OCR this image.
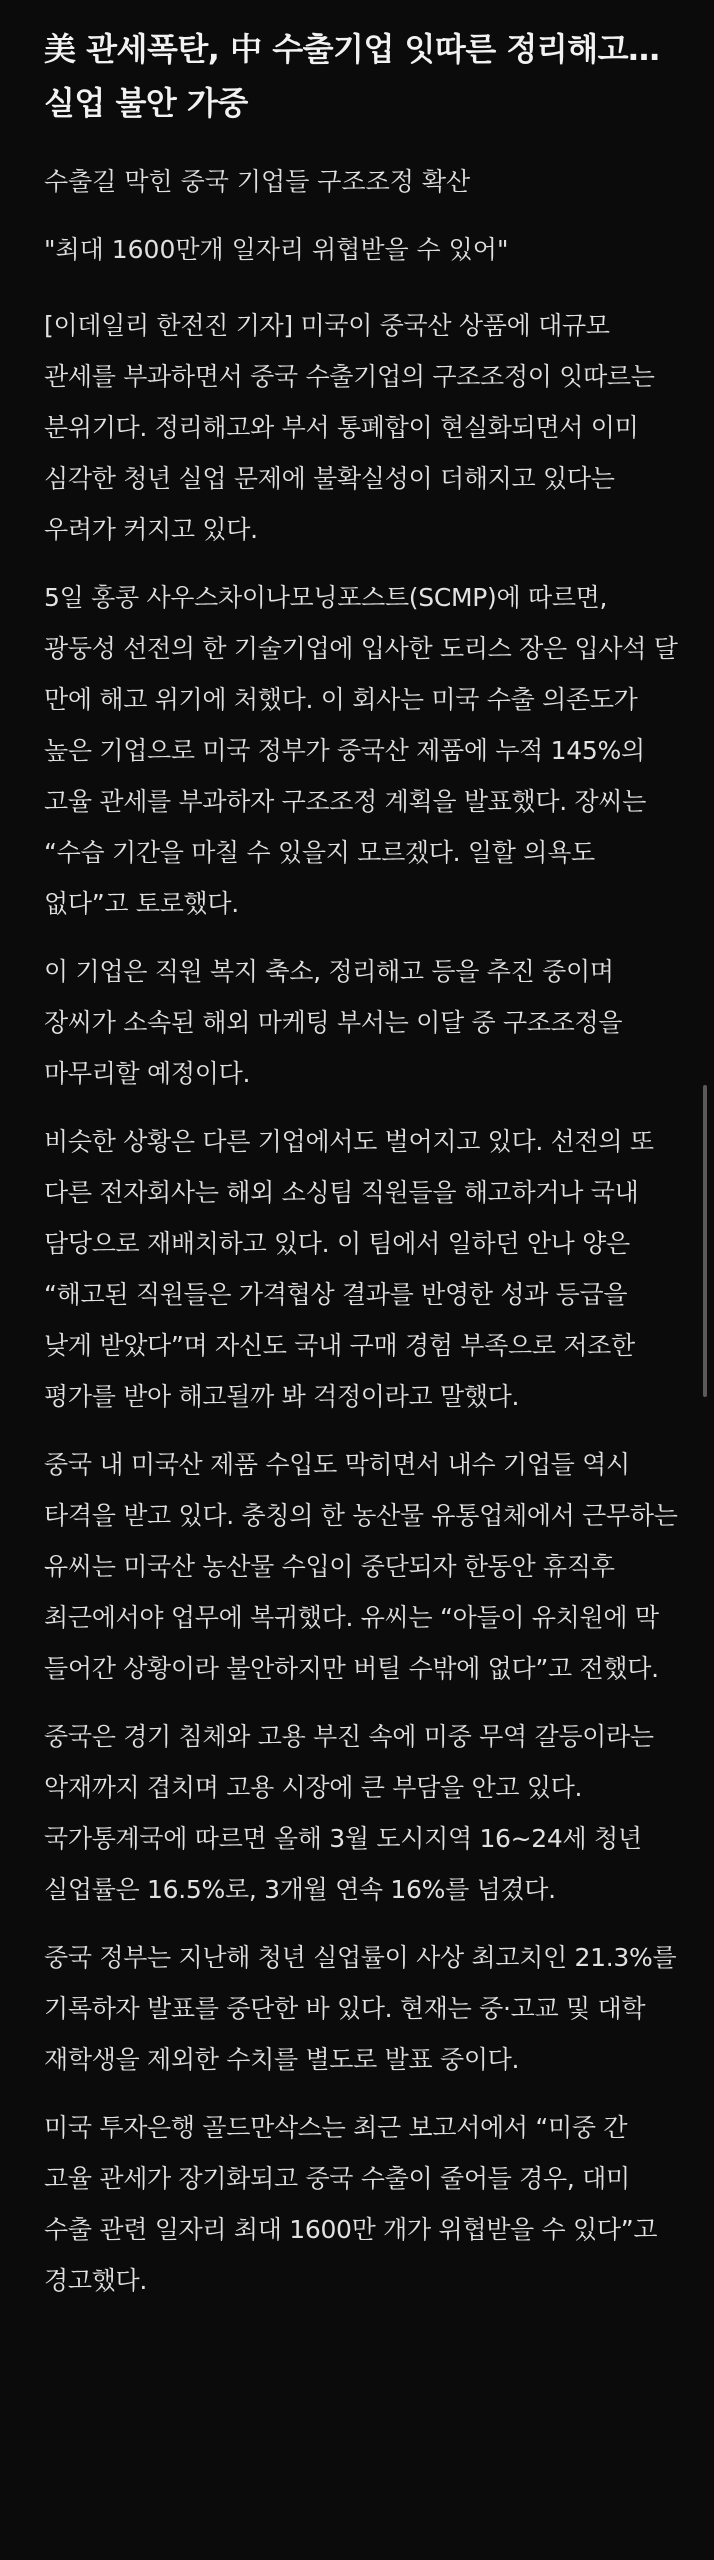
美 관세폭탄, 中 수출기업 잇따른 정리해고… 실업 불안 가중

수출길 막힌 중국 기업들 구조조정 확산

"최대 1600만개 일자리 위협받을 수 있어"

[이데일리 한전진 기자] 미국이 중국산 상품에 대규모 관세를 부과하면서 중국 수출기업의 구조조정이 잇따르는 분위기다. 정리해고와 부서 통폐합이 현실화되면서 이미 심각한 청년 실업 문제에 불확실성이 더해지고 있다는 우려가 커지고 있다.

5일 홍콩 사우스차이나모닝포스트(SCMP)에 따르면, 광둥성 선전의 한 기술기업에 입사한 도리스 장은 입사석 달 만에 해고 위기에 처했다. 이 회사는 미국 수출 의존도가 높은 기업으로 미국 정부가 중국산 제품에 누적 145%의 고율 관세를 부과하자 구조조정 계획을 발표했다. 장씨는 “수습 기간을 마칠 수 있을지 모르겠다. 일할 의욕도 없다”고 토로했다.

이 기업은 직원 복지 축소, 정리해고 등을 추진 중이며 장씨가 소속된 해외 마케팅 부서는 이달 중 구조조정을 마무리할 예정이다.

비슷한 상황은 다른 기업에서도 벌어지고 있다. 선전의 또 다른 전자회사는 해외 소싱팀 직원들을 해고하거나 국내 담당으로 재배치하고 있다. 이 팀에서 일하던 안나 양은 “해고된 직원들은 가격협상 결과를 반영한 성과 등급을 낮게 받았다”며 자신도 국내 구매 경험 부족으로 저조한 평가를 받아 해고될까 봐 걱정이라고 말했다.

중국 내 미국산 제품 수입도 막히면서 내수 기업들 역시 타격을 받고 있다. 충칭의 한 농산물 유통업체에서 근무하는 유씨는 미국산 농산물 수입이 중단되자 한동안 휴직후 최근에서야 업무에 복귀했다. 유씨는 “아들이 유치원에 막 들어간 상황이라 불안하지만 버틸 수밖에 없다”고 전했다.

중국은 경기 침체와 고용 부진 속에 미중 무역 갈등이라는 악재까지 겹치며 고용 시장에 큰 부담을 안고 있다. 국가통계국에 따르면 올해 3월 도시지역 16~24세 청년 실업률은 16.5%로, 3개월 연속 16%를 넘겼다.

중국 정부는 지난해 청년 실업률이 사상 최고치인 21.3%를 기록하자 발표를 중단한 바 있다. 현재는 중·고교 및 대학 재학생을 제외한 수치를 별도로 발표 중이다.

미국 투자은행 골드만삭스는 최근 보고서에서 “미중 간 고율 관세가 장기화되고 중국 수출이 줄어들 경우, 대미 수출 관련 일자리 최대 1600만 개가 위협받을 수 있다”고 경고했다.
